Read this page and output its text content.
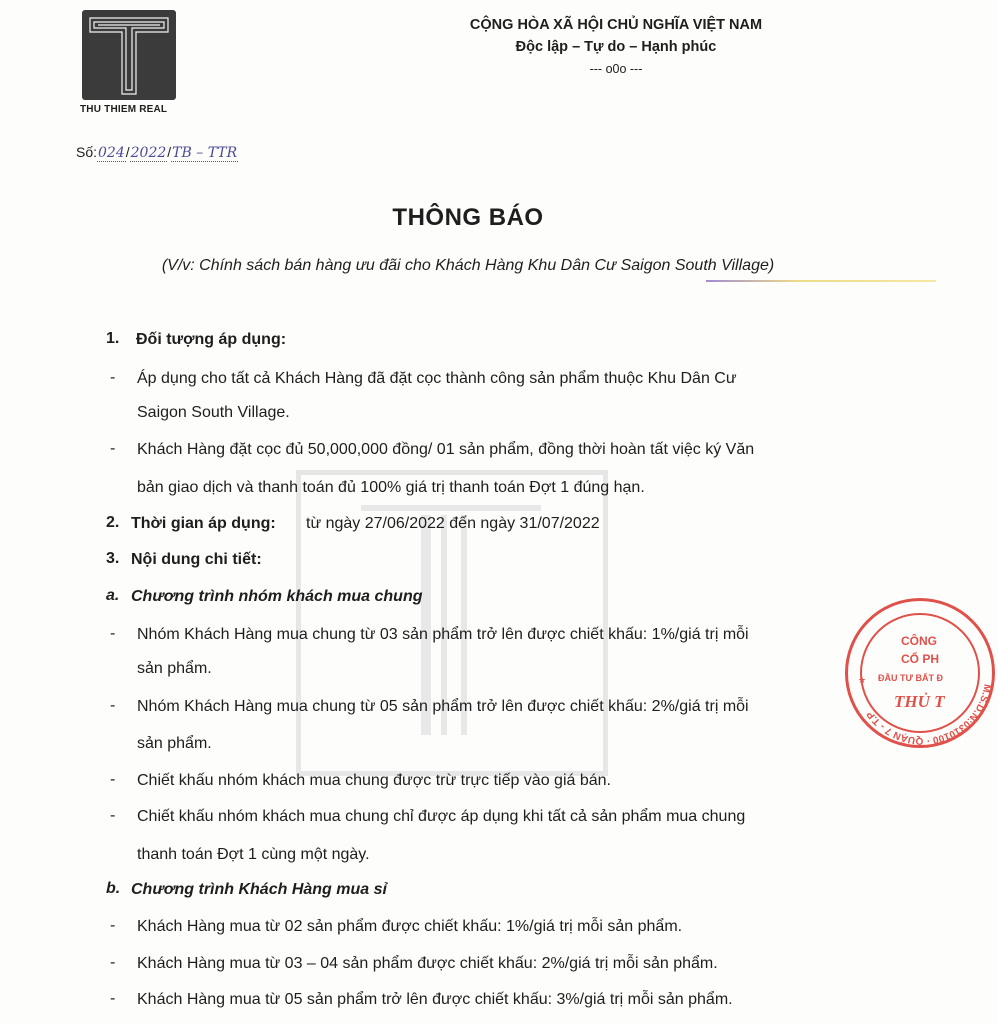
THU THIEM REAL
CỘNG HÒA XÃ HỘI CHỦ NGHĨA VIỆT NAM
Độc lập – Tự do – Hạnh phúc
--- o0o ---
Số:024/2022/TB – TTR
THÔNG BÁO
(V/v: Chính sách bán hàng ưu đãi cho Khách Hàng Khu Dân Cư Saigon South Village)
1. Đối tượng áp dụng:
- Áp dụng cho tất cả Khách Hàng đã đặt cọc thành công sản phẩm thuộc Khu Dân Cư
Saigon South Village.
- Khách Hàng đặt cọc đủ 50,000,000 đồng/ 01 sản phẩm, đồng thời hoàn tất việc ký Văn
bản giao dịch và thanh toán đủ 100% giá trị thanh toán Đợt 1 đúng hạn.
2. Thời gian áp dụng: từ ngày 27/06/2022 đến ngày 31/07/2022
3. Nội dung chi tiết:
a. Chương trình nhóm khách mua chung
- Nhóm Khách Hàng mua chung từ 03 sản phẩm trở lên được chiết khấu: 1%/giá trị mỗi
sản phẩm.
- Nhóm Khách Hàng mua chung từ 05 sản phẩm trở lên được chiết khấu: 2%/giá trị mỗi
sản phẩm.
- Chiết khấu nhóm khách mua chung được trừ trực tiếp vào giá bán.
- Chiết khấu nhóm khách mua chung chỉ được áp dụng khi tất cả sản phẩm mua chung
thanh toán Đợt 1 cùng một ngày.
b. Chương trình Khách Hàng mua sỉ
- Khách Hàng mua từ 02 sản phẩm được chiết khấu: 1%/giá trị mỗi sản phẩm.
- Khách Hàng mua từ 03 – 04 sản phẩm được chiết khấu: 2%/giá trị mỗi sản phẩm.
- Khách Hàng mua từ 05 sản phẩm trở lên được chiết khấu: 3%/giá trị mỗi sản phẩm.
M.S.D.N:0310100 · QUẬN 7 - T.P
CÔNG
CỔ PH
ĐẦU TƯ BẤT Đ
THỦ T
★
